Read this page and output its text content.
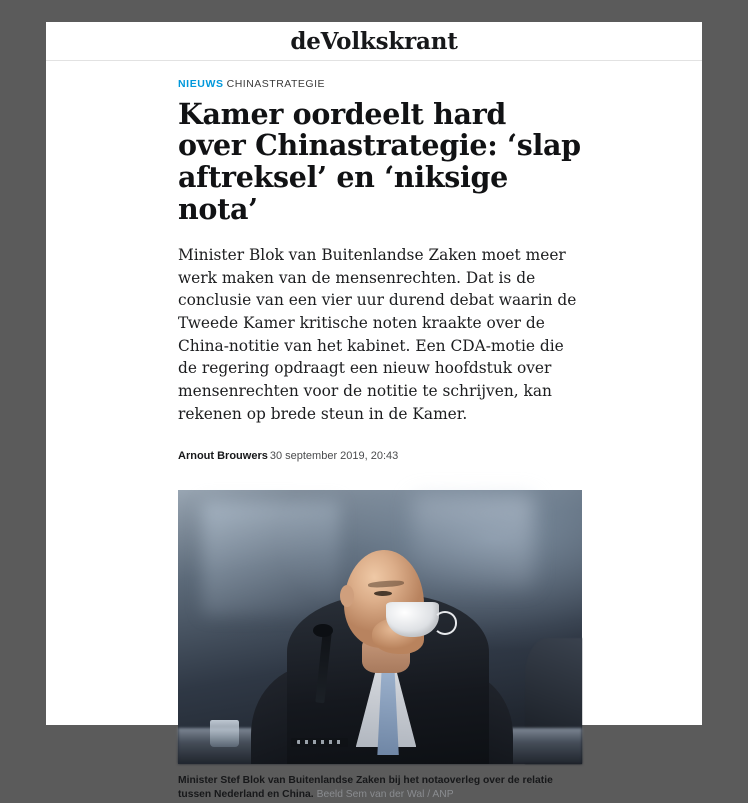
deVolkskrant
NIEUWS CHINASTRATEGIE
Kamer oordeelt hard over Chinastrategie: ‘slap aftreksel’ en ‘niksige nota’

Minister Blok van Buitenlandse Zaken moet meer werk maken van de mensenrechten. Dat is de conclusie van een vier uur durend debat waarin de Tweede Kamer kritische noten kraakte over de China-notitie van het kabinet. Een CDA-motie die de regering opdraagt een nieuw hoofdstuk over mensenrechten voor de notitie te schrijven, kan rekenen op brede steun in de Kamer.

Arnout Brouwers 30 september 2019, 20:43
Minister Stef Blok van Buitenlandse Zaken bij het notaoverleg over de relatie tussen Nederland en China. Beeld Sem van der Wal / ANP
